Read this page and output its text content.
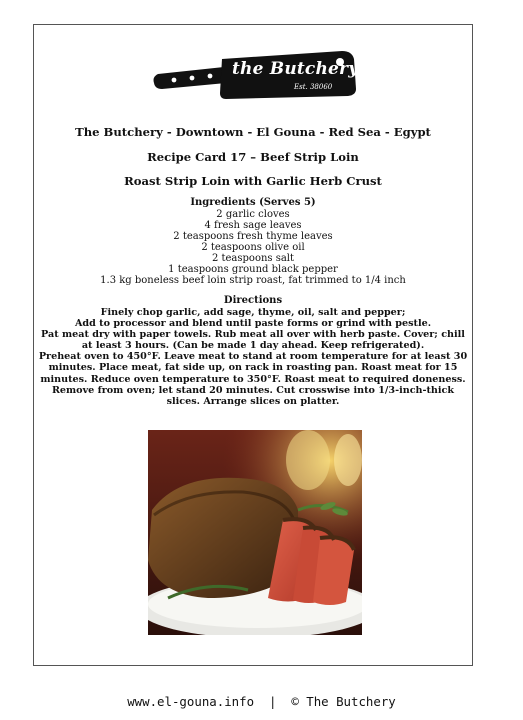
the Butchery
Est. 38060
The Butchery - Downtown - El Gouna - Red Sea - Egypt
Recipe Card 17 – Beef Strip Loin
Roast Strip Loin with Garlic Herb Crust
Ingredients (Serves 5)
2 garlic cloves
4 fresh sage leaves
2 teaspoons fresh thyme leaves
2 teaspoons olive oil
2 teaspoons salt
1 teaspoons ground black pepper
1.3 kg boneless beef loin strip roast, fat trimmed to 1/4 inch
Directions
Finely chop garlic, add sage, thyme, oil, salt and pepper;
Add to processor and blend until paste forms or grind with pestle.
Pat meat dry with paper towels. Rub meat all over with herb paste. Cover; chill
at least 3 hours. (Can be made 1 day ahead. Keep refrigerated).
Preheat oven to 450°F. Leave meat to stand at room temperature for at least 30
minutes. Place meat, fat side up, on rack in roasting pan. Roast meat for 15
minutes. Reduce oven temperature to 350°F. Roast meat to required doneness.
Remove from oven; let stand 20 minutes. Cut crosswise into 1/3-inch-thick
slices. Arrange slices on platter.
www.el-gouna.info  |  © The Butchery
